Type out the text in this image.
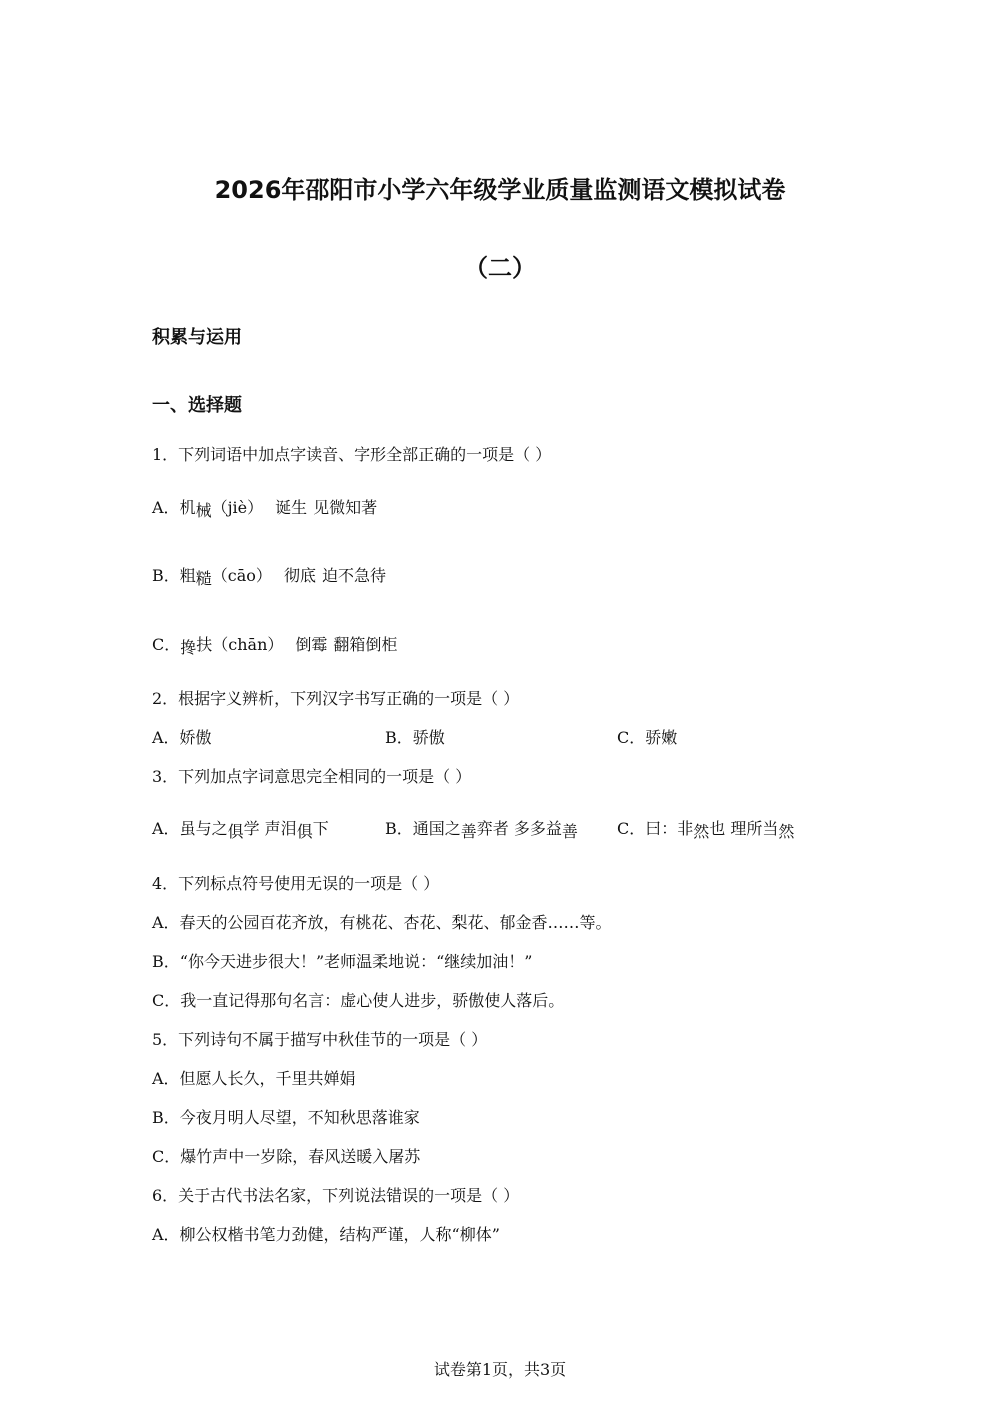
2026年邵阳市小学六年级学业质量监测语文模拟试卷
（二）
积累与运用
一、选择题
1．下列词语中加点字读音、字形全部正确的一项是（ ）
A．机械（jiè） 诞生 见微知著
B．粗糙（cāo） 彻底 迫不急待
C．搀扶（chān） 倒霉 翻箱倒柜
2．根据字义辨析，下列汉字书写正确的一项是（ ）
A．娇傲	B．骄傲	C．骄嫩
3．下列加点字词意思完全相同的一项是（ ）
A．虽与之俱学 声泪俱下	B．通国之善弈者 多多益善 C．曰：非然也 理所当然
4．下列标点符号使用无误的一项是（ ）
A．春天的公园百花齐放，有桃花、杏花、梨花、郁金香……等。
B．“你今天进步很大！”老师温柔地说：“继续加油！”
C．我一直记得那句名言：虚心使人进步，骄傲使人落后。
5．下列诗句不属于描写中秋佳节的一项是（ ）
A．但愿人长久，千里共婵娟
B．今夜月明人尽望，不知秋思落谁家
C．爆竹声中一岁除，春风送暖入屠苏
6．关于古代书法名家，下列说法错误的一项是（ ）
A．柳公权楷书笔力劲健，结构严谨，人称“柳体”
试卷第1页，共3页
